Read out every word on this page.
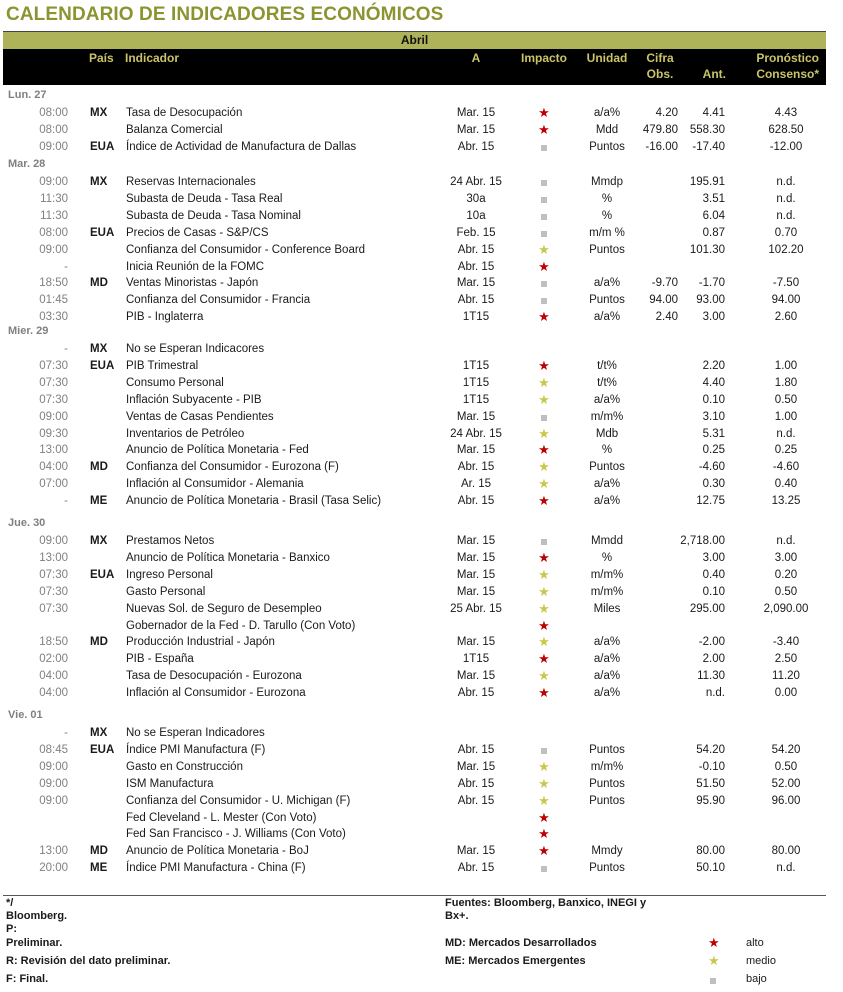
CALENDARIO DE INDICADORES ECONÓMICOS
Abril
País Indicador	A	Impacto Unidad Cifra
Obs. Ant.
Pronóstico
Consenso*
Lun. 27
08:00 MX Tasa de Desocupación	Mar. 15	★	a/a%	4.20 4.41	4.43
08:00	Balanza Comercial	Mar. 15	★	Mdd 479.80 558.30	628.50
09:00 EUA Índice de Actividad de Manufactura de Dallas	Abr. 15	Puntos -16.00 -17.40	-12.00
Mar. 28
09:00 MX Reservas Internacionales	24 Abr. 15	Mmdp	195.91	n.d.
11:30	Subasta de Deuda - Tasa Real	30a	%	3.51	n.d.
11:30	Subasta de Deuda - Tasa Nominal	10a	%	6.04	n.d.
08:00 EUA Precios de Casas - S&P/CS	Feb. 15	m/m %	0.87	0.70
09:00	Confianza del Consumidor - Conference Board	Abr. 15	★	Puntos	101.30	102.20
-	Inicia Reunión de la FOMC	Abr. 15	★
18:50 MD Ventas Minoristas - Japón	Mar. 15	a/a%	-9.70 -1.70	-7.50
01:45	Confianza del Consumidor - Francia	Abr. 15	Puntos 94.00 93.00	94.00
03:30	PIB - Inglaterra	1T15	★	a/a%	2.40 3.00	2.60
Mier. 29
- MX No se Esperan Indicacores
07:30 EUA PIB Trimestral	1T15	★	t/t%	2.20	1.00
07:30	Consumo Personal	1T15	★	t/t%	4.40	1.80
07:30	Inflación Subyacente - PIB	1T15	★	a/a%	0.10	0.50
09:00	Ventas de Casas Pendientes	Mar. 15	m/m%	3.10	1.00
09:30	Inventarios de Petróleo	24 Abr. 15	★	Mdb	5.31	n.d.
13:00	Anuncio de Política Monetaria - Fed	Mar. 15	★	%	0.25	0.25
04:00 MD Confianza del Consumidor - Eurozona (F)	Abr. 15	★	Puntos	-4.60	-4.60
07:00	Inflación al Consumidor - Alemania	Ar. 15	★	a/a%	0.30	0.40
- ME Anuncio de Política Monetaria - Brasil (Tasa Selic)	Abr. 15	★	a/a%	12.75	13.25
Jue. 30
09:00 MX Prestamos Netos	Mar. 15	Mmdd	2,718.00	n.d.
13:00	Anuncio de Política Monetaria - Banxico	Mar. 15	★	%	3.00	3.00
07:30 EUA Ingreso Personal	Mar. 15	★	m/m%	0.40	0.20
07:30	Gasto Personal	Mar. 15	★	m/m%	0.10	0.50
07:30	Nuevas Sol. de Seguro de Desempleo	25 Abr. 15	★	Miles	295.00	2,090.00
Gobernador de la Fed - D. Tarullo (Con Voto)	★
18:50 MD Producción Industrial - Japón	Mar. 15	★	a/a%	-2.00	-3.40
02:00	PIB - España	1T15	★	a/a%	2.00	2.50
04:00	Tasa de Desocupación - Eurozona	Mar. 15	★	a/a%	11.30	11.20
04:00	Inflación al Consumidor - Eurozona	Abr. 15	★	a/a%	n.d.	0.00
Vie. 01
- MX No se Esperan Indicadores
08:45 EUA Índice PMI Manufactura (F)	Abr. 15	Puntos	54.20	54.20
09:00	Gasto en Construcción	Mar. 15	★	m/m%	-0.10	0.50
09:00	ISM Manufactura	Abr. 15	★	Puntos	51.50	52.00
09:00	Confianza del Consumidor - U. Michigan (F)	Abr. 15	★	Puntos	95.90	96.00
Fed Cleveland - L. Mester (Con Voto)	★
Fed San Francisco - J. Williams (Con Voto)	★
13:00 MD Anuncio de Política Monetaria - BoJ	Mar. 15	★	Mmdy	80.00	80.00
20:00 ME Índice PMI Manufactura - China (F)	Abr. 15	Puntos	50.10	n.d.
*/
Bloomberg.
P:
Preliminar.
R: Revisión del dato preliminar.
F: Final.
Fuentes: Bloomberg, Banxico, INEGI y
Bx+.
MD: Mercados Desarrollados
ME: Mercados Emergentes
★ alto
★ medio
bajo
